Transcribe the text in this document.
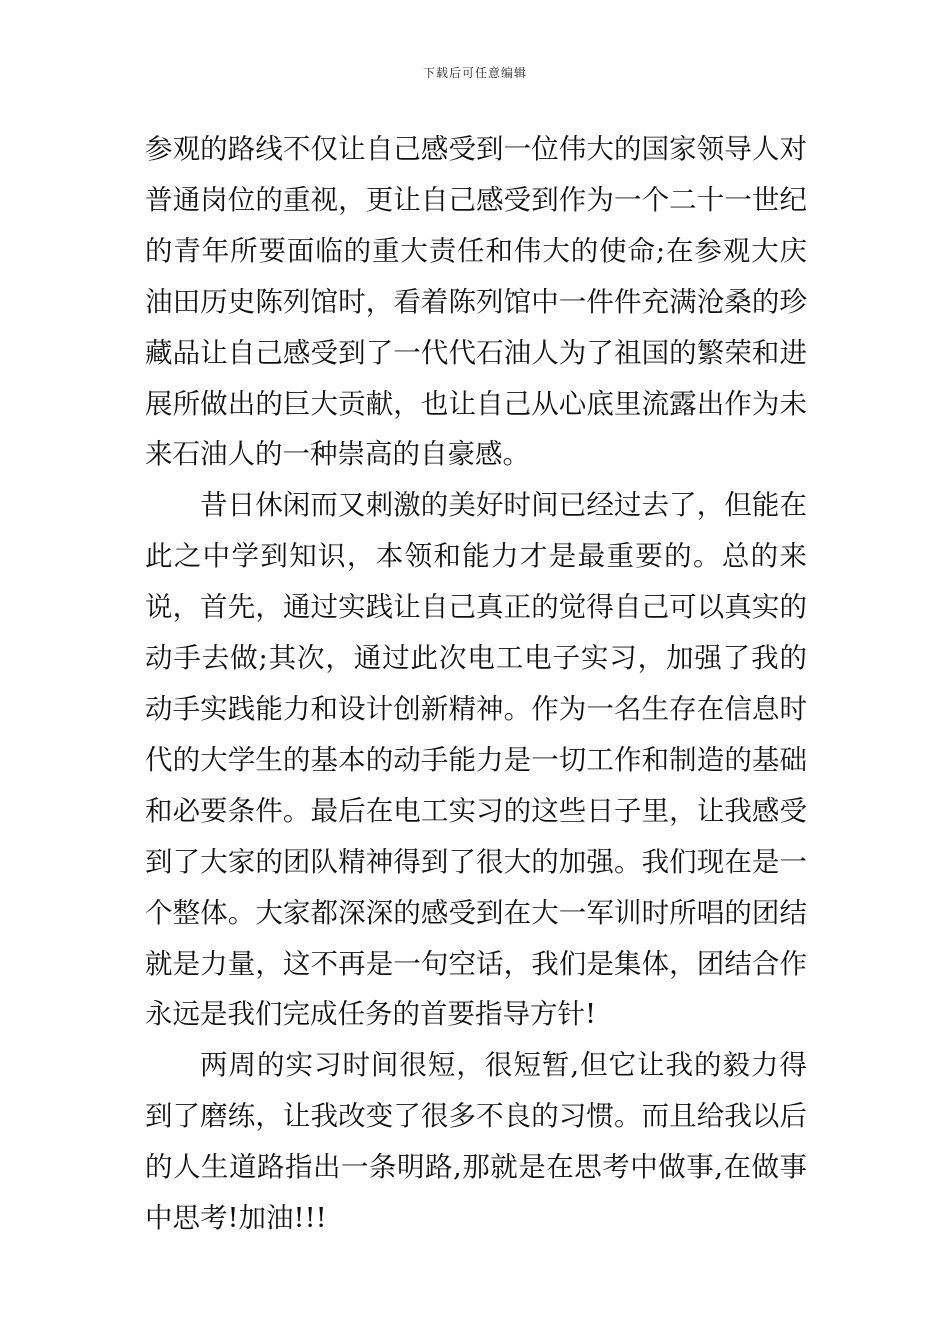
下载后可任意编辑

参观的路线不仅让自己感受到一位伟大的国家领导人对普通岗位的重视，更让自己感受到作为一个二十一世纪的青年所要面临的重大责任和伟大的使命;在参观大庆油田历史陈列馆时，看着陈列馆中一件件充满沧桑的珍藏品让自己感受到了一代代石油人为了祖国的繁荣和进展所做出的巨大贡献，也让自己从心底里流露出作为未来石油人的一种崇高的自豪感。

昔日休闲而又刺激的美好时间已经过去了，但能在此之中学到知识，本领和能力才是最重要的。总的来说，首先，通过实践让自己真正的觉得自己可以真实的动手去做;其次，通过此次电工电子实习，加强了我的动手实践能力和设计创新精神。作为一名生存在信息时代的大学生的基本的动手能力是一切工作和制造的基础和必要条件。最后在电工实习的这些日子里，让我感受到了大家的团队精神得到了很大的加强。我们现在是一个整体。大家都深深的感受到在大一军训时所唱的团结就是力量，这不再是一句空话，我们是集体，团结合作永远是我们完成任务的首要指导方针!

两周的实习时间很短，很短暂,但它让我的毅力得到了磨练，让我改变了很多不良的习惯。而且给我以后的人生道路指出一条明路,那就是在思考中做事,在做事中思考!加油!!!
